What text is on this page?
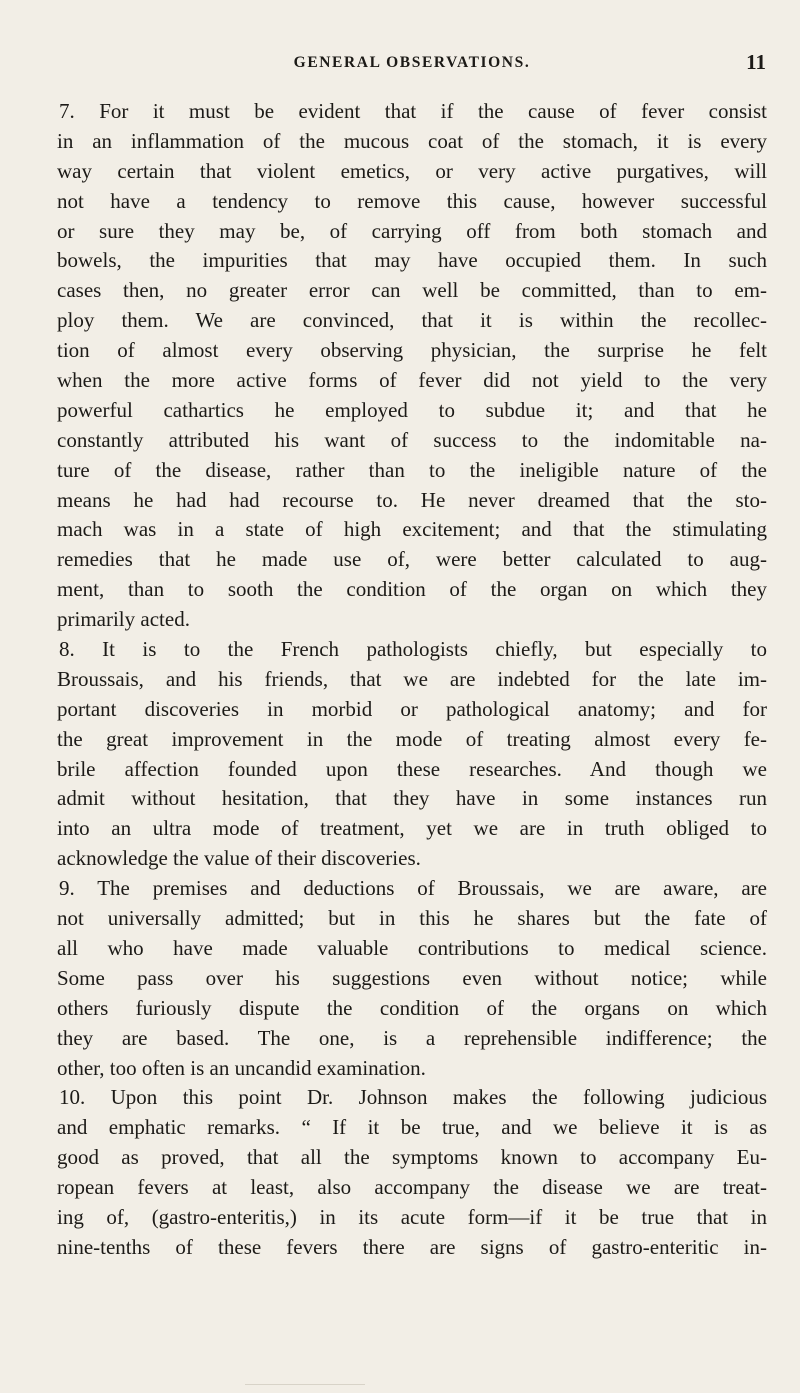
GENERAL OBSERVATIONS.	11
7. For it must be evident that if the cause of fever consist
in an inflammation of the mucous coat of the stomach, it is every
way certain that violent emetics, or very active purgatives, will
not have a tendency to remove this cause, however successful
or sure they may be, of carrying off from both stomach and
bowels, the impurities that may have occupied them. In such
cases then, no greater error can well be committed, than to em-
ploy them. We are convinced, that it is within the recollec-
tion of almost every observing physician, the surprise he felt
when the more active forms of fever did not yield to the very
powerful cathartics he employed to subdue it; and that he
constantly attributed his want of success to the indomitable na-
ture of the disease, rather than to the ineligible nature of the
means he had had recourse to. He never dreamed that the sto-
mach was in a state of high excitement; and that the stimulating
remedies that he made use of, were better calculated to aug-
ment, than to sooth the condition of the organ on which they
primarily acted.
8. It is to the French pathologists chiefly, but especially to
Broussais, and his friends, that we are indebted for the late im-
portant discoveries in morbid or pathological anatomy; and for
the great improvement in the mode of treating almost every fe-
brile affection founded upon these researches. And though we
admit without hesitation, that they have in some instances run
into an ultra mode of treatment, yet we are in truth obliged to
acknowledge the value of their discoveries.
9. The premises and deductions of Broussais, we are aware, are
not universally admitted; but in this he shares but the fate of
all who have made valuable contributions to medical science.
Some pass over his suggestions even without notice; while
others furiously dispute the condition of the organs on which
they are based. The one, is a reprehensible indifference; the
other, too often is an uncandid examination.
10. Upon this point Dr. Johnson makes the following judicious
and emphatic remarks. “ If it be true, and we believe it is as
good as proved, that all the symptoms known to accompany Eu-
ropean fevers at least, also accompany the disease we are treat-
ing of, (gastro-enteritis,) in its acute form—if it be true that in
nine-tenths of these fevers there are signs of gastro-enteritic in-
